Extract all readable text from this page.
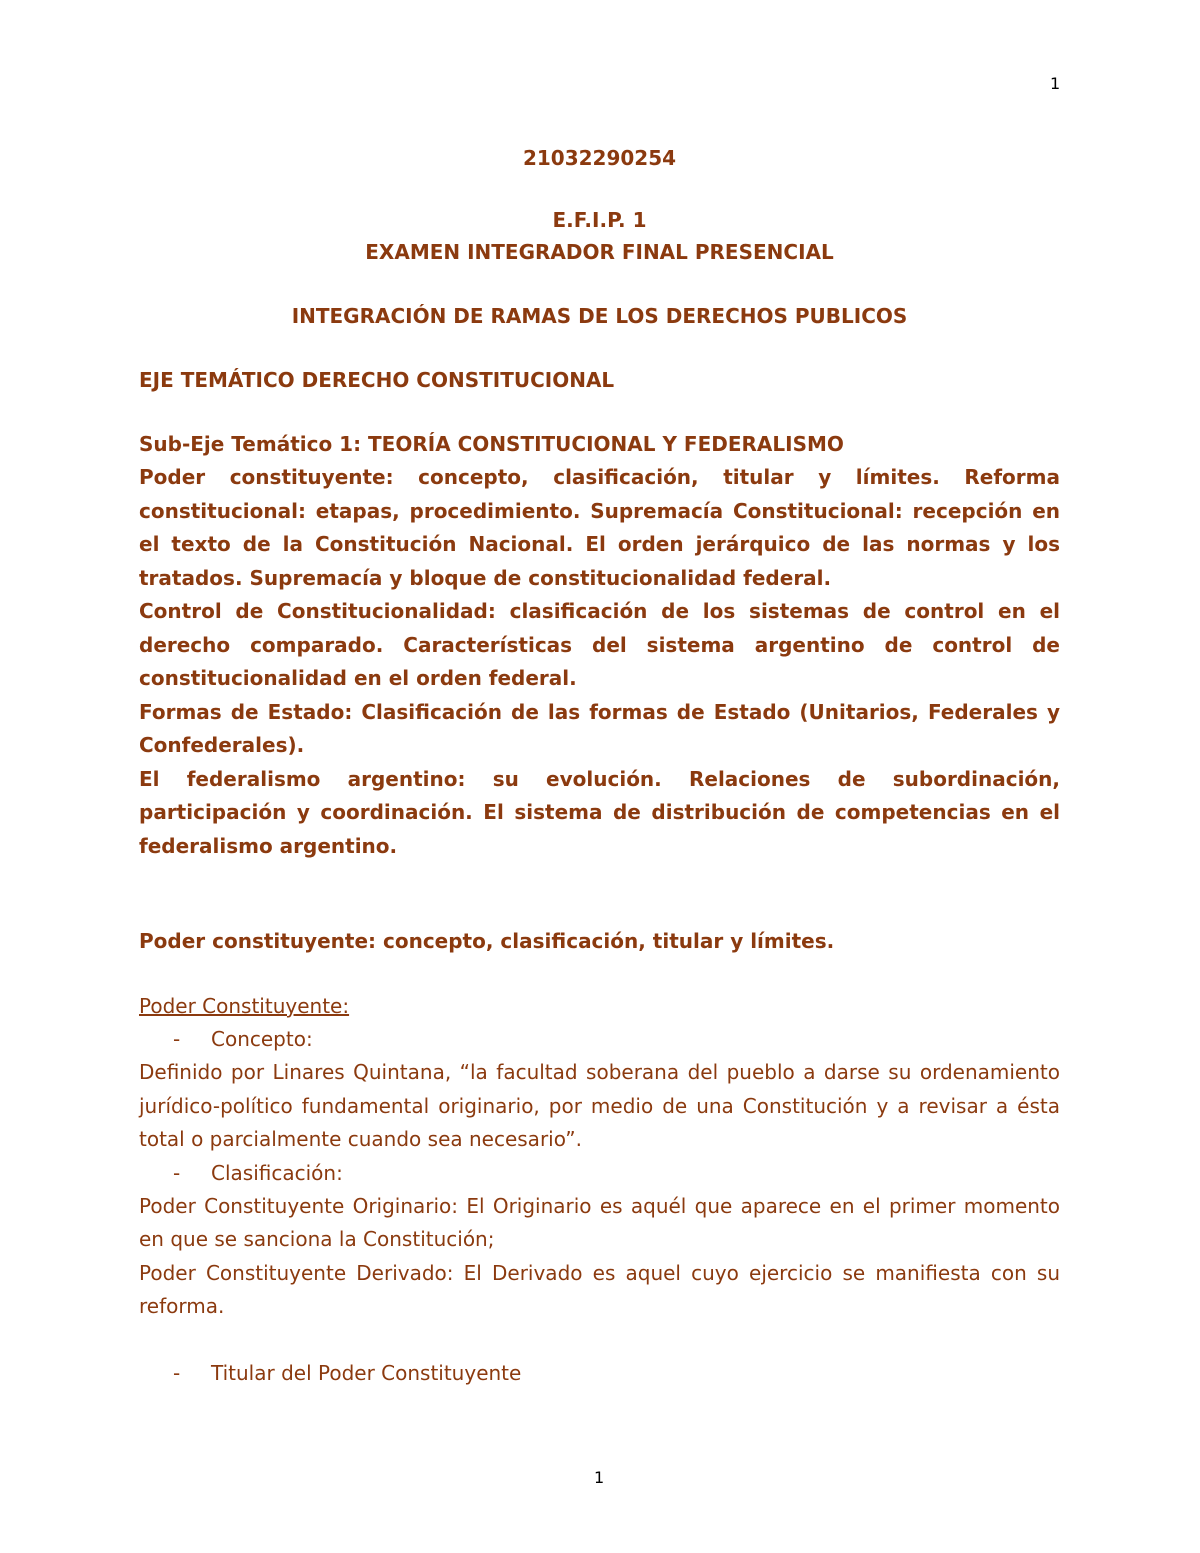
1

21032290254

E.F.I.P. 1

EXAMEN INTEGRADOR FINAL PRESENCIAL

INTEGRACIÓN DE RAMAS DE LOS DERECHOS PUBLICOS

EJE TEMÁTICO DERECHO CONSTITUCIONAL

Sub-Eje Temático 1: TEORÍA CONSTITUCIONAL Y FEDERALISMO

Poder constituyente: concepto, clasificación, titular y límites. Reforma constitucional: etapas, procedimiento. Supremacía Constitucional: recepción en el texto de la Constitución Nacional. El orden jerárquico de las normas y los tratados. Supremacía y bloque de constitucionalidad federal.

Control de Constitucionalidad: clasificación de los sistemas de control en el derecho comparado. Características del sistema argentino de control de constitucionalidad en el orden federal.

Formas de Estado: Clasificación de las formas de Estado (Unitarios, Federales y Confederales).

El federalismo argentino: su evolución. Relaciones de subordinación, participación y coordinación. El sistema de distribución de competencias en el federalismo argentino.

Poder constituyente: concepto, clasificación, titular y límites.

Poder Constituyente:

- Concepto:

Definido por Linares Quintana, “la facultad soberana del pueblo a darse su ordenamiento jurídico-político fundamental originario, por medio de una Constitución y a revisar a ésta total o parcialmente cuando sea necesario”.

- Clasificación:

Poder Constituyente Originario: El Originario es aquél que aparece en el primer momento en que se sanciona la Constitución;

Poder Constituyente Derivado: El Derivado es aquel cuyo ejercicio se manifiesta con su reforma.

- Titular del Poder Constituyente

1
